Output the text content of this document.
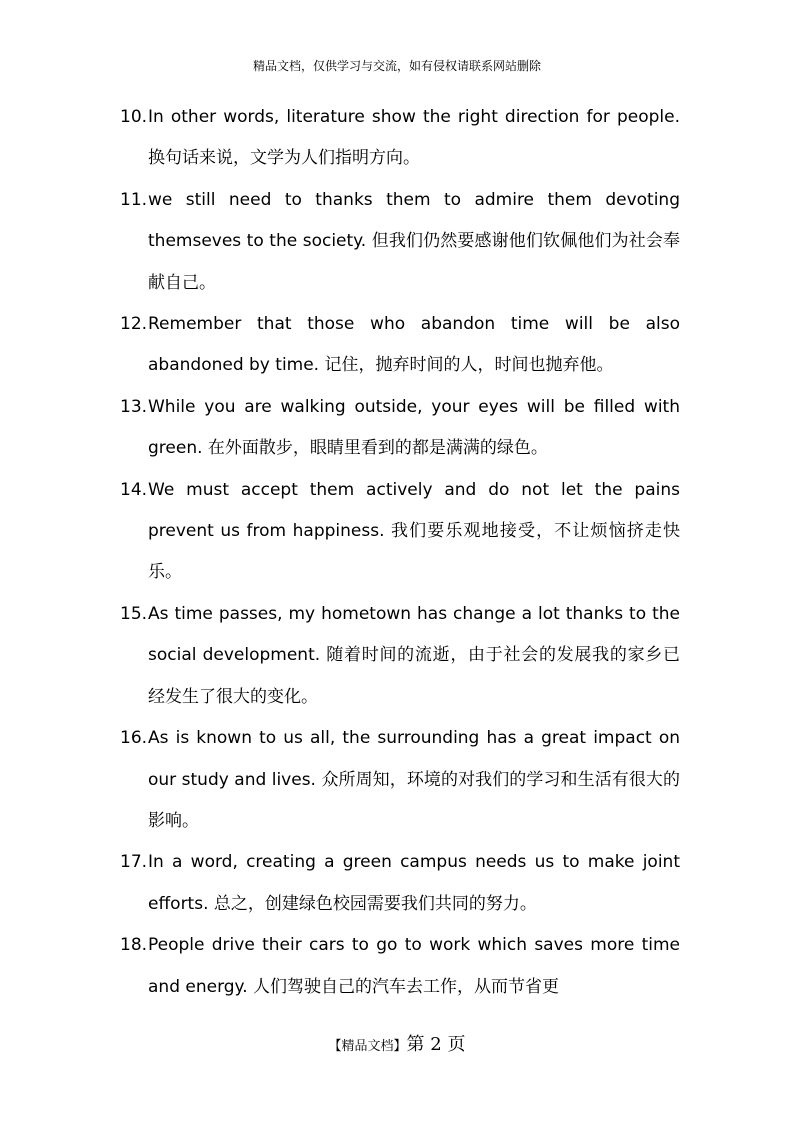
精品文档，仅供学习与交流，如有侵权请联系网站删除
10. In other words, literature show the right direction for people. 换句话来说，文学为人们指明方向。
11. we still need to thanks them to admire them devoting themseves to the society. 但我们仍然要感谢他们钦佩他们为社会奉献自己。
12. Remember that those who abandon time will be also abandoned by time. 记住，抛弃时间的人，时间也抛弃他。
13. While you are walking outside, your eyes will be filled with green. 在外面散步，眼睛里看到的都是满满的绿色。
14. We must accept them actively and do not let the pains prevent us from happiness. 我们要乐观地接受，不让烦恼挤走快乐。
15. As time passes, my hometown has change a lot thanks to the social development. 随着时间的流逝，由于社会的发展我的家乡已经发生了很大的变化。
16. As is known to us all, the surrounding has a great impact on our study and lives. 众所周知，环境的对我们的学习和生活有很大的影响。
17. In a word, creating a green campus needs us to make joint efforts. 总之，创建绿色校园需要我们共同的努力。
18. People drive their cars to go to work which saves more time and energy. 人们驾驶自己的汽车去工作，从而节省更
【精品文档】第 2 页
